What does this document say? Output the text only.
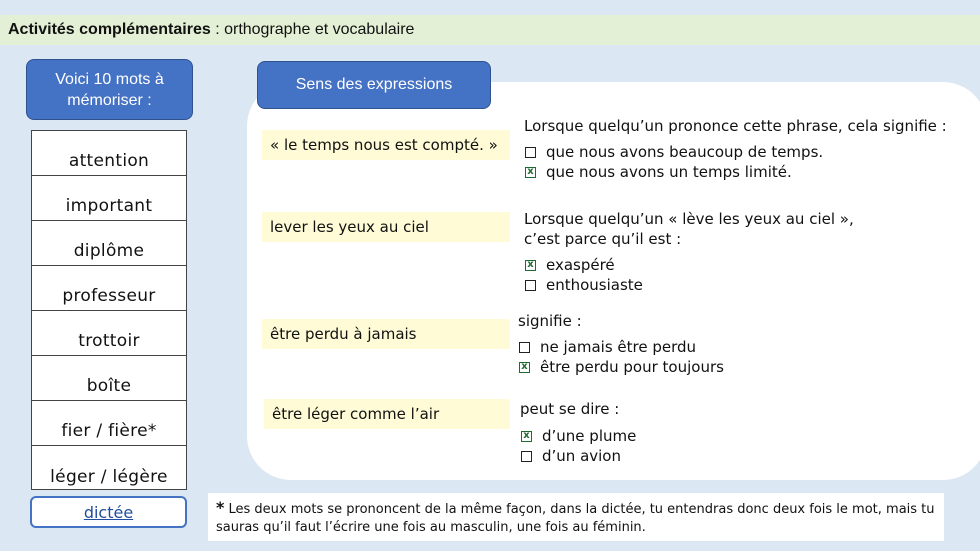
Activités complémentaires : orthographe et vocabulaire
Voici 10 mots à mémoriser :
attention
important
diplôme
professeur
trottoir
boîte
fier / fière*
léger / légère
dictée
Sens des expressions
« le temps nous est compté. »
Lorsque quelqu’un prononce cette phrase, cela signifie :
que nous avons beaucoup de temps.
x que nous avons un temps limité.
lever les yeux au ciel	Lorsque quelqu’un « lève les yeux au ciel »,
c’est parce qu’il est :
x exaspéré
enthousiaste
être perdu à jamais
signifie :
ne jamais être perdu
x être perdu pour toujours
être léger comme l’air	peut se dire :
x d’une plume
d’un avion
* Les deux mots se prononcent de la même façon, dans la dictée, tu entendras donc deux fois le mot, mais tu sauras qu’il faut l’écrire une fois au masculin, une fois au féminin.
